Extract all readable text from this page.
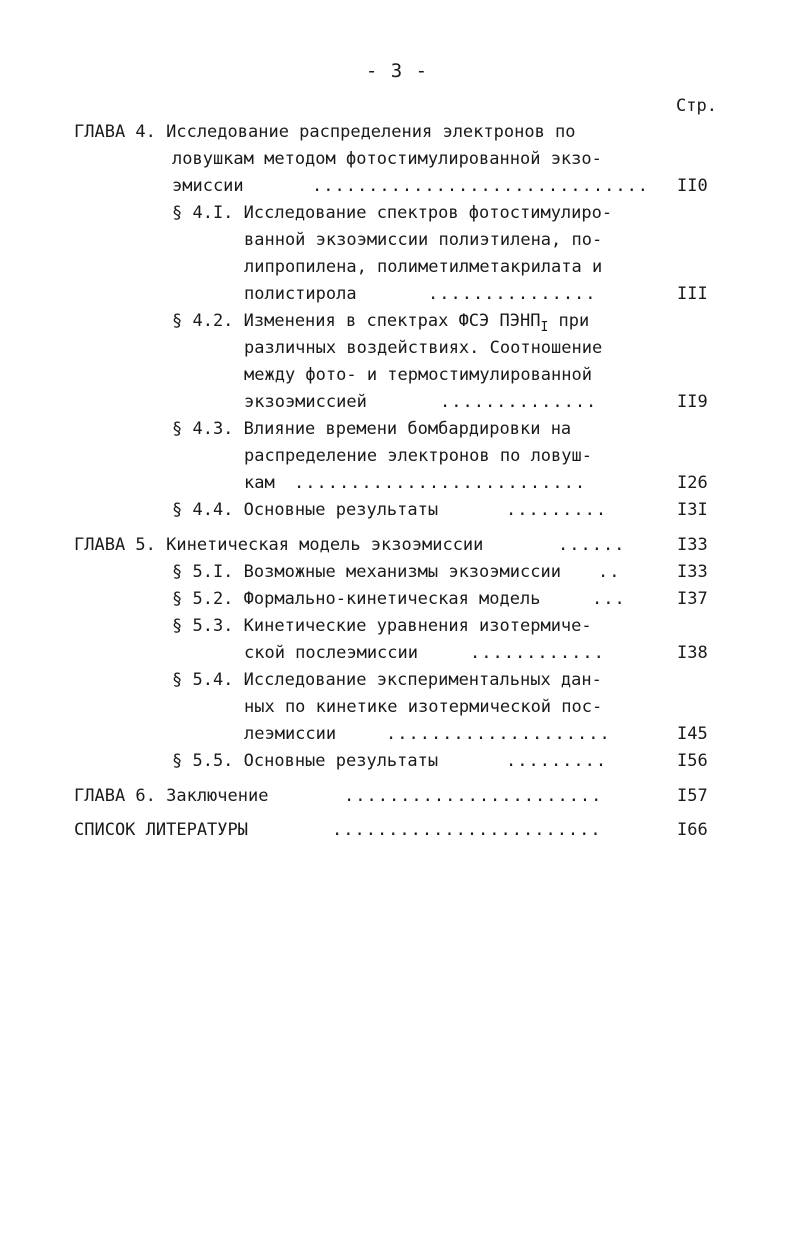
- 3 -
Стр.
ГЛАВА 4. Исследование распределения электронов по
ловушкам методом фотостимулированной экзо-
эмиссии	.............................. II0
§ 4.I. Исследование спектров фотостимулиро-
ванной экзоэмиссии полиэтилена, по-
липропилена, полиметилметакрилата и
полистирола	...............	III
§ 4.2. Изменения в спектрах ФСЭ $ПЭНП_I$ при
различных воздействиях. Соотношение
между фото- и термостимулированной
экзоэмиссией	..............	II9
§ 4.3. Влияние времени бомбардировки на
распределение электронов по ловуш-
кам ..........................	I26
§ 4.4. Основные результаты	.........	I3I
ГЛАВА 5. Кинетическая модель экзоэмиссии	......	I33
§ 5.I. Возможные механизмы экзоэмиссии ..	I33
§ 5.2. Формально-кинетическая модель	...	I37
§ 5.3. Кинетические уравнения изотермиче-
ской послеэмиссии	............	I38
§ 5.4. Исследование экспериментальных дан-
ных по кинетике изотермической пос-
леэмиссии	....................	I45
§ 5.5. Основные результаты	.........	I56
ГЛАВА 6. Заключение	.......................	I57
СПИСОК ЛИТЕРАТУРЫ	........................	I66
